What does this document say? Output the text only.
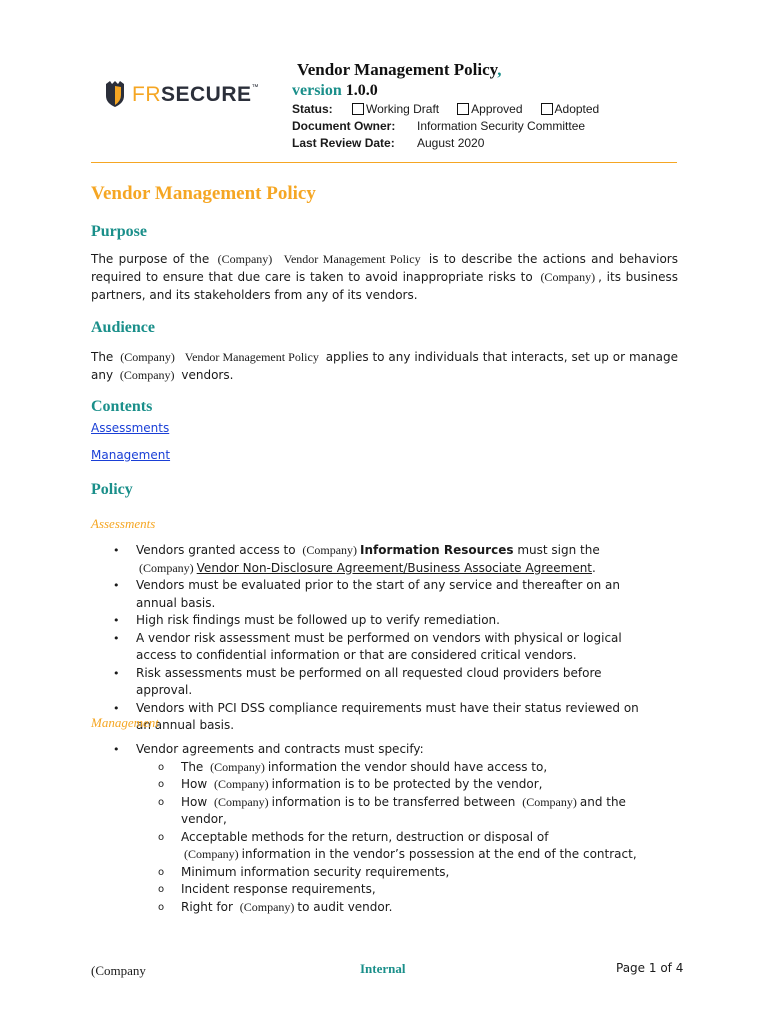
FRSECURE™
Vendor Management Policy,
version 1.0.0
Status:	Working Draft	Approved	Adopted
Document Owner:	Information Security Committee
Last Review Date:	August 2020
Vendor Management Policy
Purpose

The purpose of the (Company) Vendor Management Policy is to describe the actions and behaviors required to ensure that due care is taken to avoid inappropriate risks to (Company) , its business partners, and its stakeholders from any of its vendors.

Audience

The (Company) Vendor Management Policy applies to any individuals that interacts, set up or manage any (Company) vendors.

Contents
Assessments
Management
Policy
Assessments
• Vendors granted access to (Company) Information Resources must sign the (Company) Vendor Non-Disclosure Agreement/Business Associate Agreement.
• Vendors must be evaluated prior to the start of any service and thereafter on an annual basis.
• High risk findings must be followed up to verify remediation.
• A vendor risk assessment must be performed on vendors with physical or logical access to confidential information or that are considered critical vendors.
• Risk assessments must be performed on all requested cloud providers before approval.
• Vendors with PCI DSS compliance requirements must have their status reviewed on an annual basis.
Management
• Vendor agreements and contracts must specify:
o The (Company) information the vendor should have access to,
o How (Company) information is to be protected by the vendor,
o How (Company) information is to be transferred between (Company) and the vendor,
o Acceptable methods for the return, destruction or disposal of (Company) information in the vendor’s possession at the end of the contract,
o Minimum information security requirements,
o Incident response requirements,
o Right for (Company) to audit vendor.
(Company	Internal	Page 1 of 4
